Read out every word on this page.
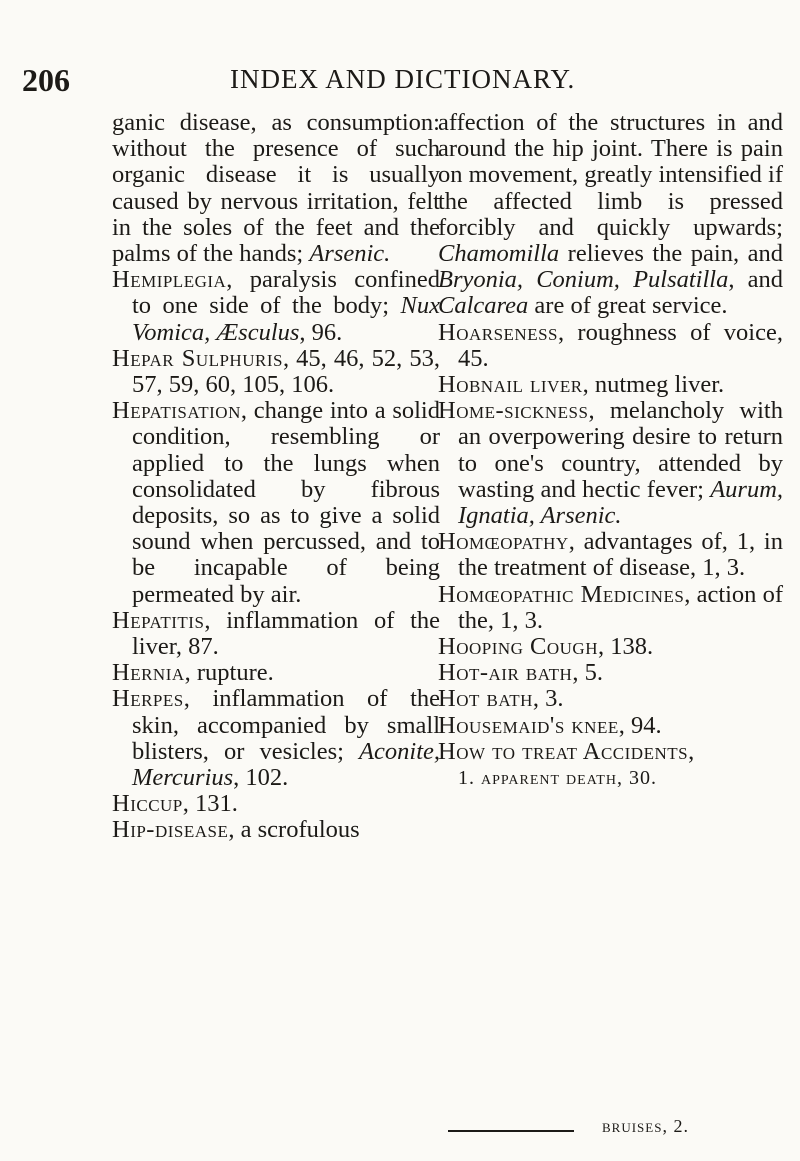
206	INDEX AND DICTIONARY.

ganic disease, as consumption: without the presence of such organic disease it is usually caused by nervous irritation, felt in the soles of the feet and the palms of the hands; Arsenic.

Hemiplegia, paralysis confined to one side of the body; Nux Vomica, Æsculus, 96.

Hepar Sulphuris, 45, 46, 52, 53, 57, 59, 60, 105, 106.

Hepatisation, change into a solid condition, resembling or applied to the lungs when consolidated by fibrous deposits, so as to give a solid sound when percussed, and to be incapable of being permeated by air.

Hepatitis, inflammation of the liver, 87.

Hernia, rupture.

Herpes, inflammation of the skin, accompanied by small blisters, or vesicles; Aconite, Mercurius, 102.

Hiccup, 131.

Hip-disease, a scrofulous

affection of the structures in and around the hip joint. There is pain on movement, greatly intensified if the affected limb is pressed forcibly and quickly upwards; Chamomilla relieves the pain, and Bryonia, Conium, Pulsatilla, and Calcarea are of great service.

Hoarseness, roughness of voice, 45.

Hobnail liver, nutmeg liver.

Home-sickness, melancholy with an overpowering desire to return to one's country, attended by wasting and hectic fever; Aurum, Ignatia, Arsenic.

Homœopathy, advantages of, 1, in the treatment of disease, 1, 3.

Homœopathic Medicines, action of the, 1, 3.

Hooping Cough, 138.

Hot-air bath, 5.

Hot bath, 3.

Housemaid's knee, 94.

How to treat Accidents,

1. apparent death, 30.

bruises, 2.
